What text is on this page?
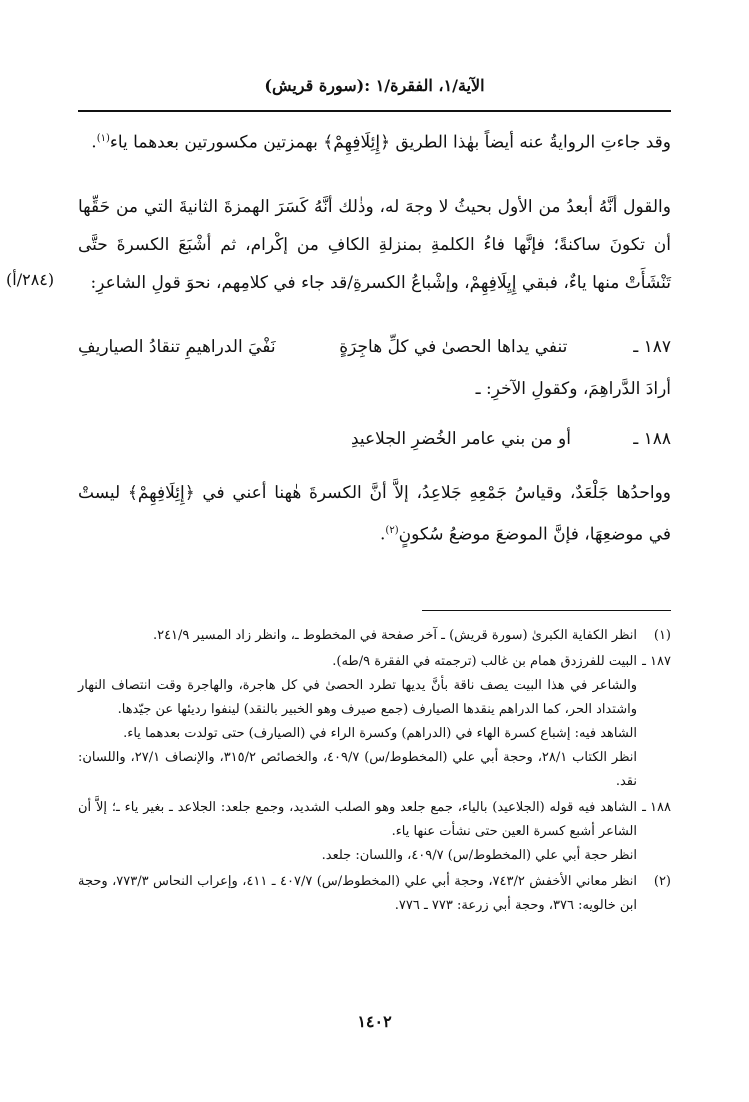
(سورة قريش): الآية/١، الفقرة/١
(٢٨٤/أ)

وقد جاءتِ الروايةُ عنه أيضاً بهٰذا الطريق ﴿إِئِلَافِهِمْ﴾ بهمزتين مكسورتين بعدهما ياء$^{(١)}$.

والقول أنَّهُ أبعدُ من الأول بحيثُ لا وجهَ له، وذٰلك أنَّهُ كَسَرَ الهمزةَ الثانيةَ التي من حَقِّها أن تكونَ ساكنةً؛ فإنَّها فاءُ الكلمةِ بمنزلةِ الكافِ من إكْرام، ثم أشْبَعَ الكسرةَ حتَّى تَنْشَأَتْ منها ياءٌ، فبقي إِيِلَافِهِمْ، وإشْباعُ الكسرةِ/قد جاء في كلامِهم، نحوَ قولِ الشاعرِ:

١٨٧ ـ
تنفي يداها الحصىٰ في كلِّ هاجِرَةٍ
نَفْيَ الدراهيمِ تنقادُ الصياريفِ

أرادَ الدَّراهِمَ، وكقولِ الآخرِ: ـ

١٨٨ ـ
أو من بني عامر الخُضرِ الجلاعيدِ

وواحدُها جَلْعَدٌ، وقياسُ جَمْعِهِ جَلاعِدُ، إلاَّ أنَّ الكسرةَ هٰهنا أعني في ﴿إِئِلَافِهِمْ﴾ ليستْ في موضعِهَا، فإنَّ الموضعَ موضعُ سُكونٍ$^{(٢)}$.

(١)

انظر الكفاية الكبرىٰ (سورة قريش) ـ آخر صفحة في المخطوط ـ، وانظر زاد المسير ٢٤١/٩.

١٨٧ ـ

البيت للفرزدق همام بن غالب (ترجمته في الفقرة ٩/طه).

والشاعر في هذا البيت يصف ناقة بأنَّ يديها تطرد الحصىٰ في كل هاجرة، والهاجرة وقت انتصاف النهار واشتداد الحر، كما الدراهم ينقدها الصيارف (جمع صيرف وهو الخبير بالنقد) لينفوا رديئها عن جيّدها.

الشاهد فيه: إشباع كسرة الهاء في (الدراهم) وكسرة الراء في (الصيارف) حتى تولدت بعدهما ياء.

انظر الكتاب ٢٨/١، وحجة أبي علي (المخطوط/س) ٤٠٩/٧، والخصائص ٣١٥/٢، والإنصاف ٢٧/١، واللسان: نقد.

١٨٨ ـ

الشاهد فيه قوله (الجلاعيد) بالياء، جمع جلعد وهو الصلب الشديد، وجمع جلعد: الجلاعد ـ بغير ياء ـ؛ إلاَّ أن الشاعر أشبع كسرة العين حتى نشأت عنها ياء.

انظر حجة أبي علي (المخطوط/س) ٤٠٩/٧، واللسان: جلعد.

(٢)

انظر معاني الأخفش ٧٤٣/٢، وحجة أبي علي (المخطوط/س) ٤٠٧/٧ ـ ٤١١، وإعراب النحاس ٧٧٣/٣، وحجة ابن خالويه: ٣٧٦، وحجة أبي زرعة: ٧٧٣ ـ ٧٧٦.

١٤٠٢
